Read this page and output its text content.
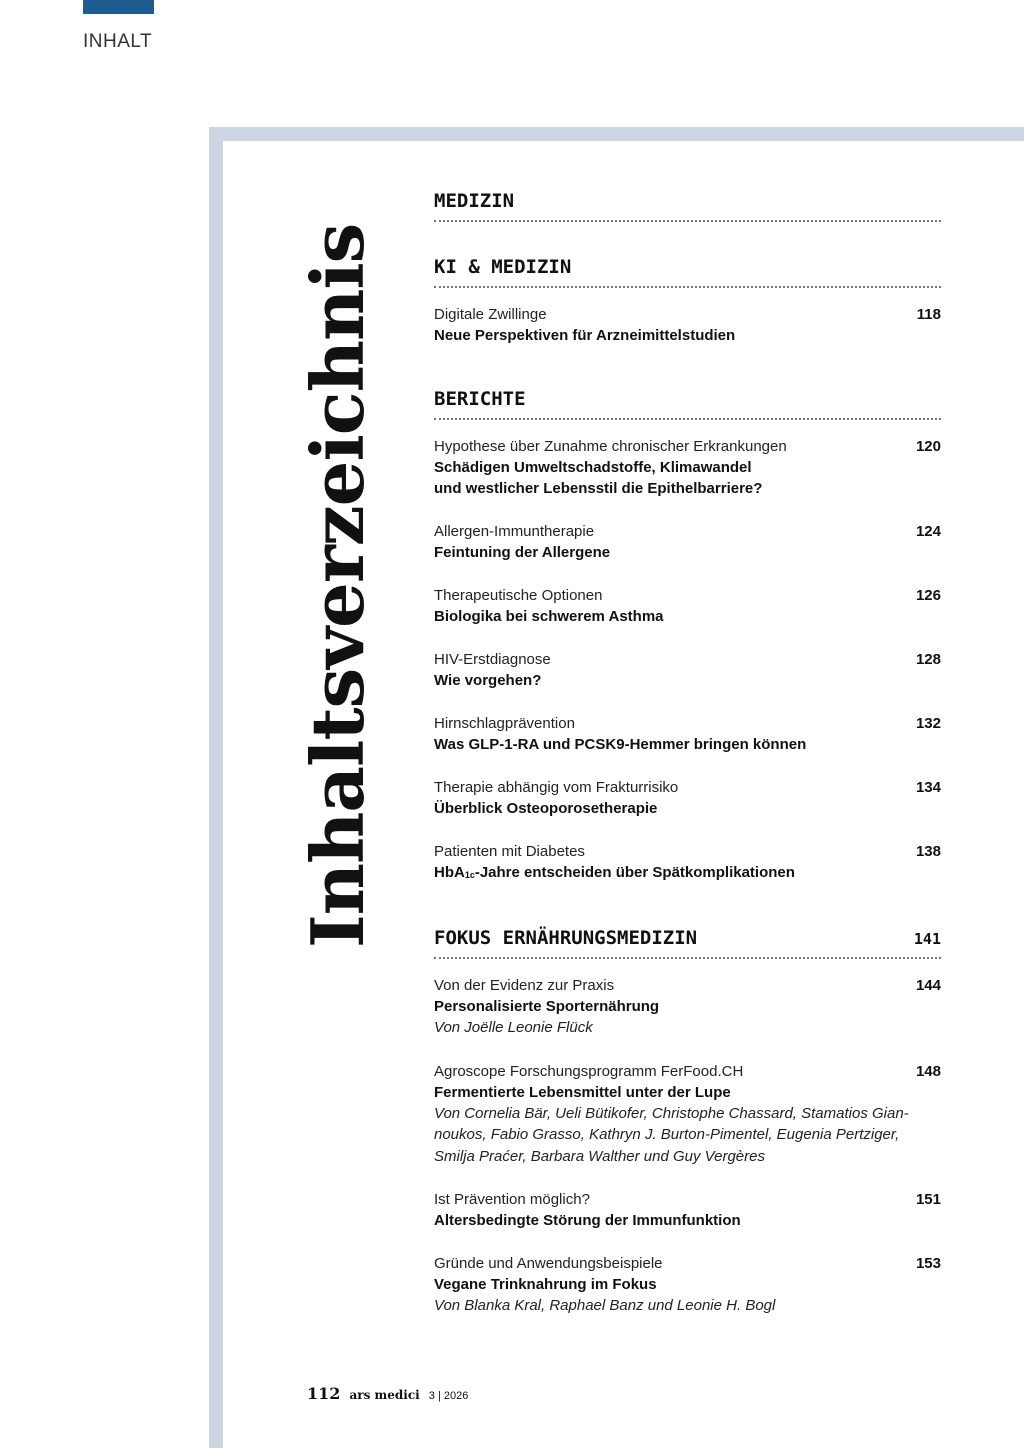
INHALT
Inhaltsverzeichnis
MEDIZIN
KI & MEDIZIN
Digitale Zwillinge	118
Neue Perspektiven für Arzneimittelstudien
BERICHTE
Hypothese über Zunahme chronischer Erkrankungen	120
Schädigen Umweltschadstoffe, Klimawandel
und westlicher Lebensstil die Epithelbarriere?
Allergen-Immuntherapie	124
Feintuning der Allergene
Therapeutische Optionen	126
Biologika bei schwerem Asthma
HIV-Erstdiagnose	128
Wie vorgehen?
Hirnschlagprävention	132
Was GLP-1-RA und PCSK9-Hemmer bringen können
Therapie abhängig vom Frakturrisiko	134
Überblick Osteoporosetherapie
Patienten mit Diabetes	138
HbA$_{1c}$-Jahre entscheiden über Spätkomplikationen
FOKUS ERNÄHRUNGSMEDIZIN	141
Von der Evidenz zur Praxis	144
Personalisierte Sporternährung
Von Joëlle Leonie Flück
Agroscope Forschungsprogramm FerFood.CH	148
Fermentierte Lebensmittel unter der Lupe
Von Cornelia Bär, Ueli Bütikofer, Christophe Chassard, Stamatios Gian-
noukos, Fabio Grasso, Kathryn J. Burton-Pimentel, Eugenia Pertziger,
Smilja Praćer, Barbara Walther und Guy Vergères
Ist Prävention möglich?	151
Altersbedingte Störung der Immunfunktion
Gründe und Anwendungsbeispiele	153
Vegane Trinknahrung im Fokus
Von Blanka Kral, Raphael Banz und Leonie H. Bogl
112 ars medici 3 | 2026
